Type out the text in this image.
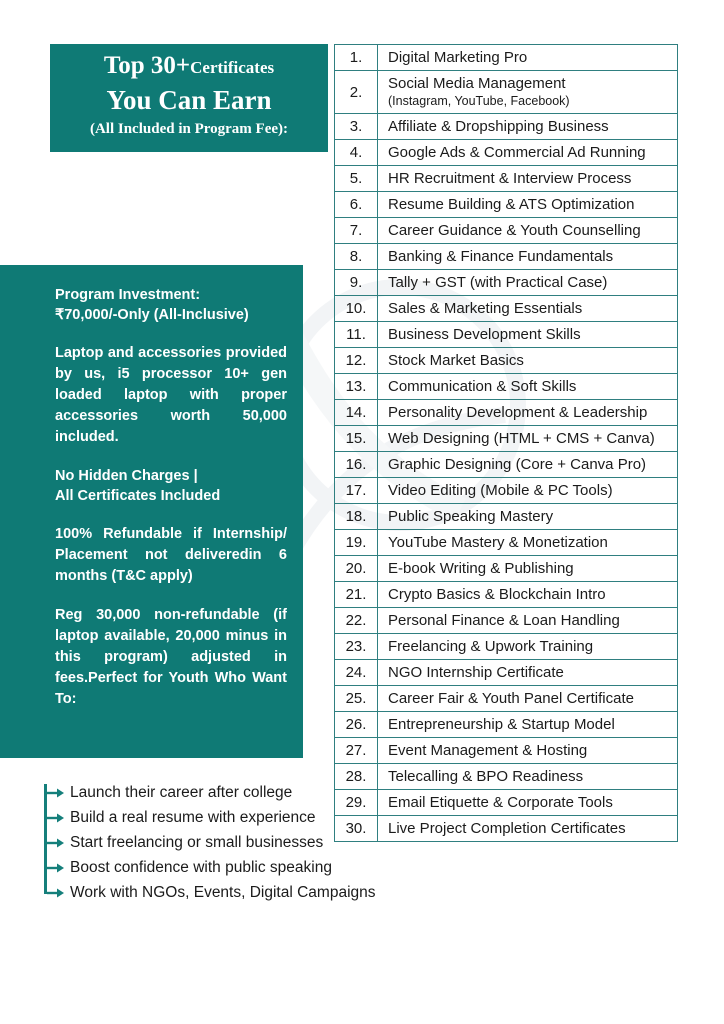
Top 30+Certificates
You Can Earn
(All Included in Program Fee):
Program Investment:
₹70,000/-Only (All-Inclusive)
Laptop and accessories provided by us, i5 processor 10+ gen loaded laptop with proper accessories worth 50,000 included.
No Hidden Charges |
All Certificates Included
100% Refundable if Internship/ Placement not deliveredin 6 months (T&C apply)
Reg 30,000 non-refundable (if laptop available, 20,000 minus in this program) adjusted in fees.Perfect for Youth Who Want To:
Launch their career after college
Build a real resume with experience
Start freelancing or small businesses
Boost confidence with public speaking
Work with NGOs, Events, Digital Campaigns
1.	Digital Marketing Pro

2.	Social Media Management
(Instagram, YouTube, Facebook)

3.	Affiliate & Dropshipping Business

4.	Google Ads & Commercial Ad Running

5.	HR Recruitment & Interview Process

6.	Resume Building & ATS Optimization

7.	Career Guidance & Youth Counselling

8.	Banking & Finance Fundamentals

9.	Tally + GST (with Practical Case)

10.	Sales & Marketing Essentials

11.	Business Development Skills

12.	Stock Market Basics

13.	Communication & Soft Skills

14.	Personality Development & Leadership

15.	Web Designing (HTML + CMS + Canva)

16.	Graphic Designing (Core + Canva Pro)

17.	Video Editing (Mobile & PC Tools)

18.	Public Speaking Mastery

19.	YouTube Mastery & Monetization

20.	E-book Writing & Publishing

21.	Crypto Basics & Blockchain Intro

22.	Personal Finance & Loan Handling

23.	Freelancing & Upwork Training

24.	NGO Internship Certificate

25.	Career Fair & Youth Panel Certificate

26.	Entrepreneurship & Startup Model

27.	Event Management & Hosting

28.	Telecalling & BPO Readiness

29.	Email Etiquette & Corporate Tools

30.	Live Project Completion Certificates
